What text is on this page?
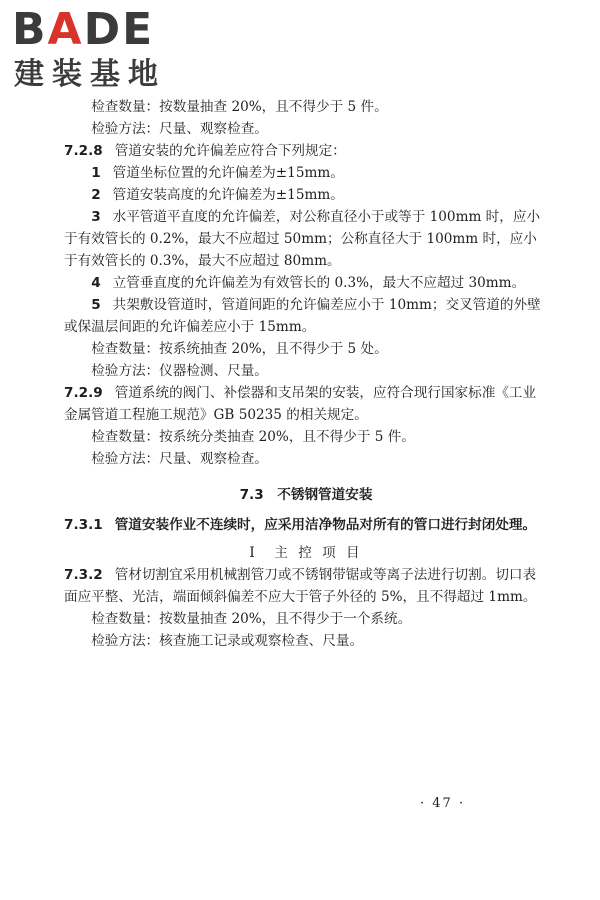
BADE
建装基地

检查数量：按数量抽查 20%，且不得少于 5 件。

检验方法：尺量、观察检查。

7.2.8 管道安装的允许偏差应符合下列规定：

1 管道坐标位置的允许偏差为±15mm。

2 管道安装高度的允许偏差为±15mm。

3 水平管道平直度的允许偏差，对公称直径小于或等于 100mm 时，应小于有效管长的 0.2%，最大不应超过 50mm；公称直径大于 100mm 时，应小于有效管长的 0.3%，最大不应超过 80mm。

4 立管垂直度的允许偏差为有效管长的 0.3%，最大不应超过 30mm。

5 共架敷设管道时，管道间距的允许偏差应小于 10mm；交叉管道的外壁或保温层间距的允许偏差应小于 15mm。

检查数量：按系统抽查 20%，且不得少于 5 处。

检验方法：仪器检测、尺量。

7.2.9 管道系统的阀门、补偿器和支吊架的安装，应符合现行国家标准《工业金属管道工程施工规范》GB 50235 的相关规定。

检查数量：按系统分类抽查 20%，且不得少于 5 件。

检验方法：尺量、观察检查。

7.3　不锈钢管道安装

7.3.1 管道安装作业不连续时，应采用洁净物品对所有的管口进行封闭处理。

Ⅰ　主 控 项 目

7.3.2 管材切割宜采用机械割管刀或不锈钢带锯或等离子法进行切割。切口表面应平整、光洁，端面倾斜偏差不应大于管子外径的 5%，且不得超过 1mm。

检查数量：按数量抽查 20%，且不得少于一个系统。

检验方法：核查施工记录或观察检查、尺量。

· 47 ·
